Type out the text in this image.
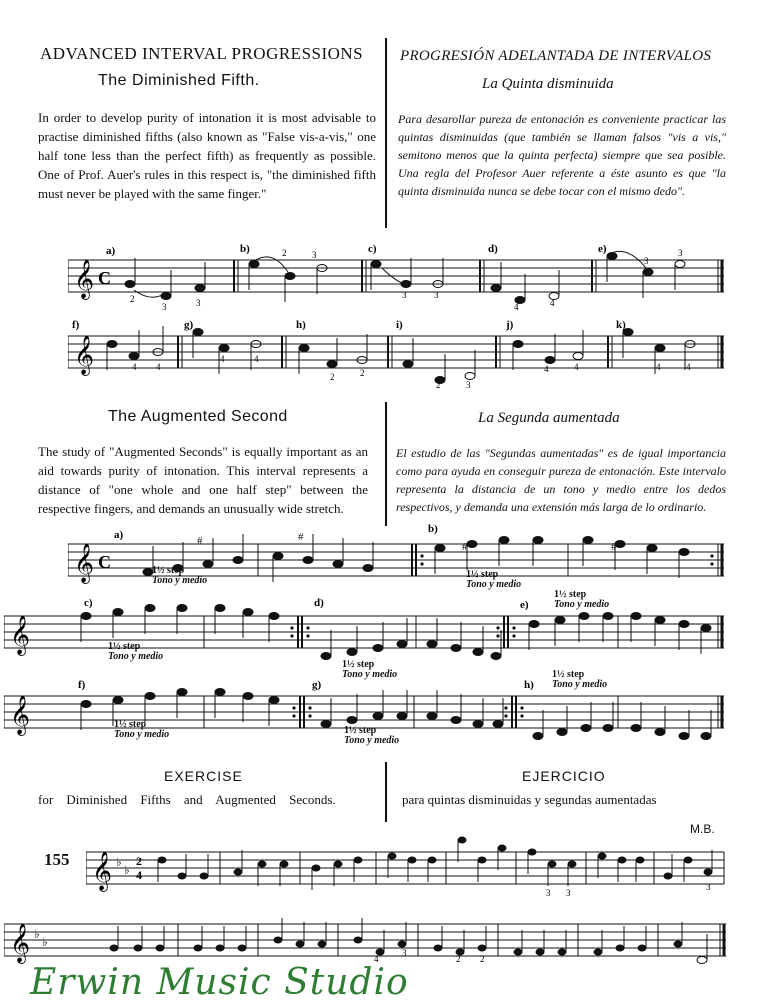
ADVANCED INTERVAL PROGRESSIONS
The Diminished Fifth.
PROGRESIÓN ADELANTADA DE INTERVALOS
La Quinta disminuida
In order to develop purity of intonation it is most advisable to practise diminished fifths (also known as "False vis-a-vis," one half tone less than the perfect fifth) as frequently as possible. One of Prof. Auer's rules in this respect is, "the diminished fifth must never be played with the same finger."
Para desarollar pureza de entonación es conveniente practicar las quintas disminuidas (que también se llaman falsos "vis a vis," semitono menos que la quinta perfecta) siempre que sea posible. Una regla del Profesor Auer referente a éste asunto es que "la quinta disminuida nunca se debe tocar con el mismo dedo".
𝄞 C
a)	b)	c)	d)	e)
3	3
2
2	3
3	3
4	4
3
3
𝄞
f)	g)	h)	i)	j)	k)
4 4
4	4
2	2
2	3
4	4	4	4
The Augmented Second	La Segunda aumentada
The study of "Augmented Seconds" is equally important as an aid towards purity of intonation. This interval represents a distance of "one whole and one half step" between the respective fingers, and demands an unusually wide stretch.
El estudio de las "Segundas aumentadas" es de igual importancia como para ayuda en conseguir pureza de entonación. Este intervalo representa la distancia de un tono y medio entre los dedos respectivos, y demanda una extensión más larga de lo ordinario.
𝄞 C
a)	b)
#	#
#	#
1½ step
Tono y medio
1½ step
Tono y medio
𝄞
c)	d)	e)
1½ step
Tono y medio
1½ step
Tono y medio
1½ step
Tono y medio
𝄞
f)	g)	h)
1½ step
Tono y medio	1½ step
Tono y medio
1½ step
Tono y medio
EXERCISE	EJERCICIO
for Diminished Fifths and Augmented Seconds.	para quintas disminuidas y segundas aumentadas
M.B.
155 𝄞 ♭
♭
2
4
3 3
3
𝄞 ♭
♭
4
3
2 2
Erwin Music Studio
